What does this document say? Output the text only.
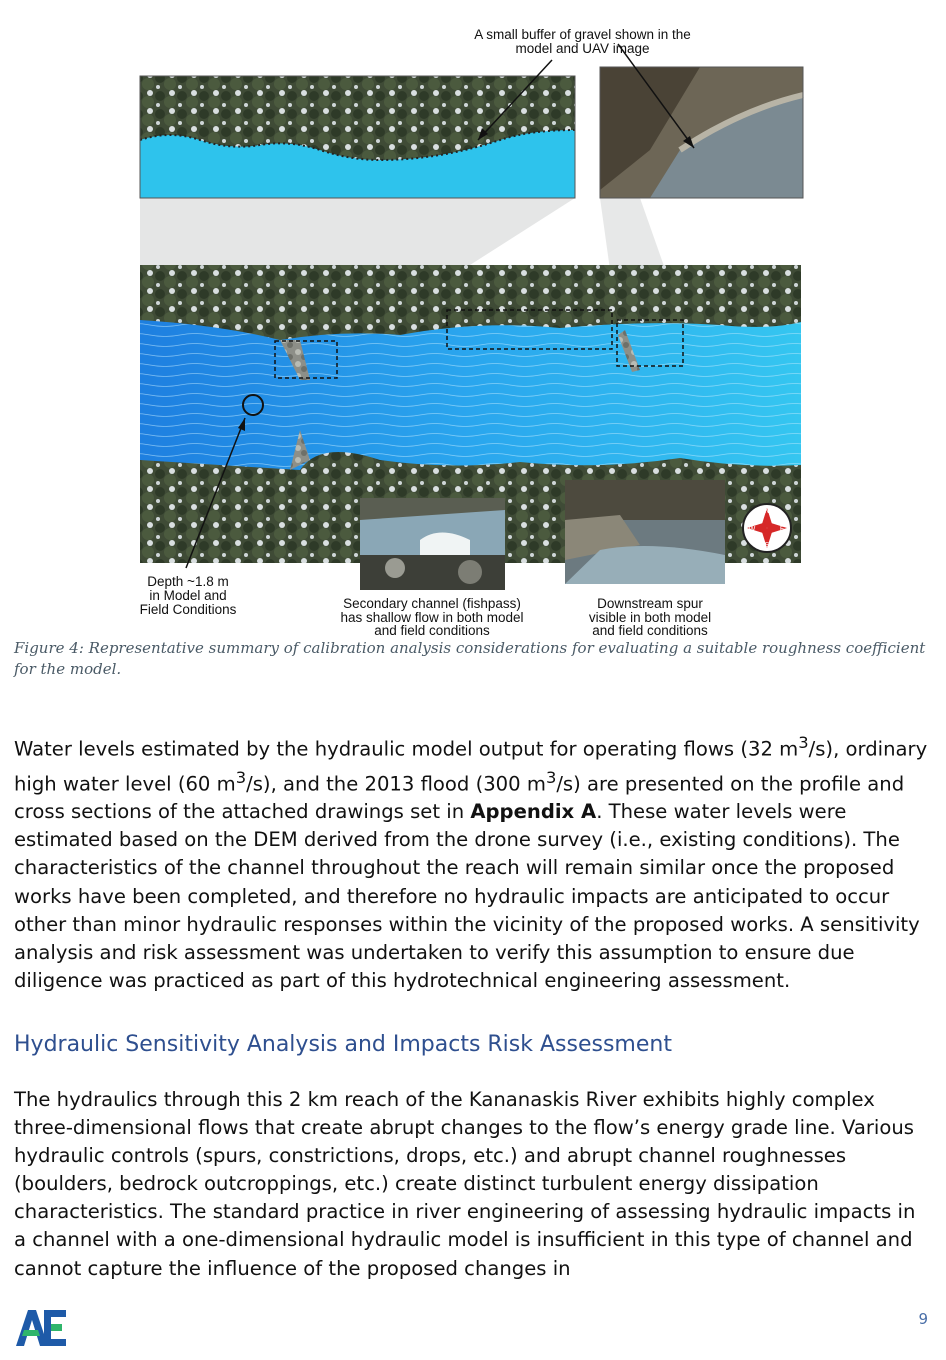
N
E
S
W
A small buffer of gravel shown in the
model and UAV image
Depth ~1.8 m
in Model and
Field Conditions	Secondary channel (fishpass)
has shallow flow in both model
and field conditions
Downstream spur
visible in both model
and field conditions
Figure 4: Representative summary of calibration analysis considerations for evaluating a suitable roughness coefficient for the model.

Water levels estimated by the hydraulic model output for operating flows (32 $m^3/s$), ordinary high water level (60 $m^3/s$), and the 2013 flood (300 $m^3/s$) are presented on the profile and cross sections of the attached drawings set in Appendix A. These water levels were estimated based on the DEM derived from the drone survey (i.e., existing conditions). The characteristics of the channel throughout the reach will remain similar once the proposed works have been completed, and therefore no hydraulic impacts are anticipated to occur other than minor hydraulic responses within the vicinity of the proposed works. A sensitivity analysis and risk assessment was undertaken to verify this assumption to ensure due diligence was practiced as part of this hydrotechnical engineering assessment.

Hydraulic Sensitivity Analysis and Impacts Risk Assessment

The hydraulics through this 2 km reach of the Kananaskis River exhibits highly complex three-dimensional flows that create abrupt changes to the flow’s energy grade line. Various hydraulic controls (spurs, constrictions, drops, etc.) and abrupt channel roughnesses (boulders, bedrock outcroppings, etc.) create distinct turbulent energy dissipation characteristics. The standard practice in river engineering of assessing hydraulic impacts in a channel with a one-dimensional hydraulic model is insufficient in this type of channel and cannot capture the influence of the proposed changes in

9
